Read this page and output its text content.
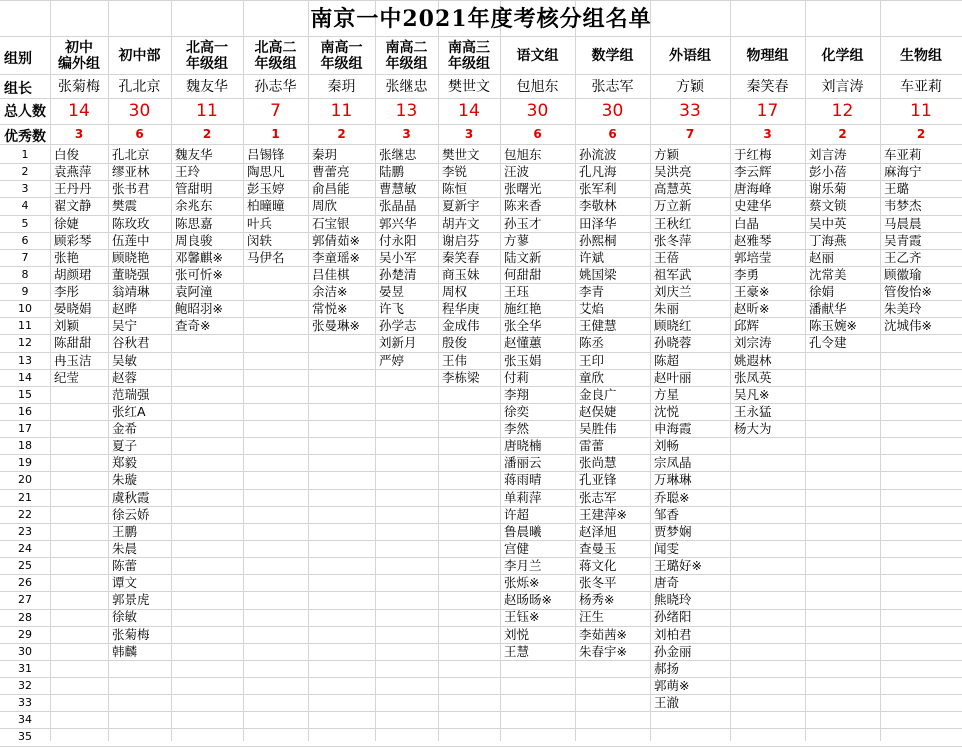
南京一中2021年度考核分组名单
组别
组长
总人数
优秀数
1
2
3
4
5
6
7
8
9
10
11
12
13
14
15
16
17
18
19
20
21
22
23
24
25
26
27
28
29
30
31
32
33
34
35
初中
编外组
张菊梅
14
3
白俊
袁燕萍
王丹丹
翟文静
徐婕
顾彩琴
张艳
胡颜珺
李彤
晏晓娟
刘颖
陈甜甜
冉玉洁
纪莹
初中部
孔北京
30
6
孔北京
缪亚林
张书君
樊震
陈玫玫
伍莲中
顾晓艳
董晓强
翁靖琳
赵晔
吴宁
谷秋君
吴敏
赵蓉
范瑞强
张红A
金希
夏子
郑毅
朱璇
虞秋霞
徐云娇
王鹏
朱晨
陈蕾
谭文
郭景虎
徐敏
张菊梅
韩麟
北高一
年级组
魏友华
11
2
魏友华
王玲
管甜明
余兆东
陈思嘉
周良骏
邓馨麒※
张可忻※
袁阿潼
鲍昭羽※
查奇※
北高二
年级组
孙志华
7
1
吕锡锋
陶思凡
彭玉婷
柏曈曈
叶兵
闵轶
马伊名
南高一
年级组
秦玥
11
2
秦玥
曹蕾亮
俞昌能
周欣
石宝银
郭倩茹※
李童瑶※
吕佳棋
余洁※
常悦※
张曼琳※
南高二
年级组
张继忠
13
3
张继忠
陆鹏
曹慧敏
张晶晶
郭兴华
付永阳
吴小军
孙楚清
晏昱
许飞
孙学志
刘新月
严婷
南高三
年级组
樊世文
14
3
樊世文
李锐
陈恒
夏新宇
胡卉文
谢启芬
秦笑春
商玉妹
周权
程华庚
金成伟
殷俊
王伟
李栋梁
语文组
包旭东
30
6
包旭东
汪波
张曙光
陈来香
孙玉才
方蓼
陆文新
何甜甜
王珏
施红艳
张全华
赵懂蕙
张玉娟
付莉
李翔
徐奕
李然
唐晓楠
潘丽云
蒋雨晴
单莉萍
许超
鲁晨曦
宫健
李月兰
张烁※
赵旸旸※
王钰※
刘悦
王慧
数学组
张志军
30
6
孙流波
孔凡海
张军利
李敬林
田泽华
孙熙桐
许斌
姚国梁
李青
艾焰
王健慧
陈丞
王印
童欣
金良广
赵俣婕
吴胜伟
雷蕾
张尚慧
孔亚锋
张志军
王建萍※
赵泽旭
查曼玉
蒋文化
张冬平
杨秀※
汪生
李茹茜※
朱春宇※
外语组
方颖
33
7
方颖
吴洪亮
高慧英
万立新
王秋红
张冬萍
王蓓
祖军武
刘庆兰
朱丽
顾晓红
孙晓蓉
陈超
赵叶丽
方星
沈悦
申海霞
刘畅
宗凤晶
万琳琳
乔聪※
邹香
贾梦娴
闻雯
王璐好※
唐奇
熊晓玲
孙绪阳
刘柏君
孙金丽
郝扬
郭萌※
王澈
物理组
秦笑春
17
3
于红梅
李云辉
唐海峰
史建华
白晶
赵雅琴
郭培莹
李勇
王豪※
赵昕※
邱辉
刘宗涛
姚遐林
张凤英
吴凡※
王永猛
杨大为
化学组
刘言涛
12
2
刘言涛
彭小蓓
谢乐菊
蔡文锁
吴中英
丁海燕
赵丽
沈常美
徐娟
潘献华
陈玉婉※
孔令建
生物组
车亚莉
11
2
车亚莉
麻海宁
王璐
韦梦杰
马晨晨
吴青霞
王乙齐
顾徽瑜
管俊怡※
朱美玲
沈城伟※
